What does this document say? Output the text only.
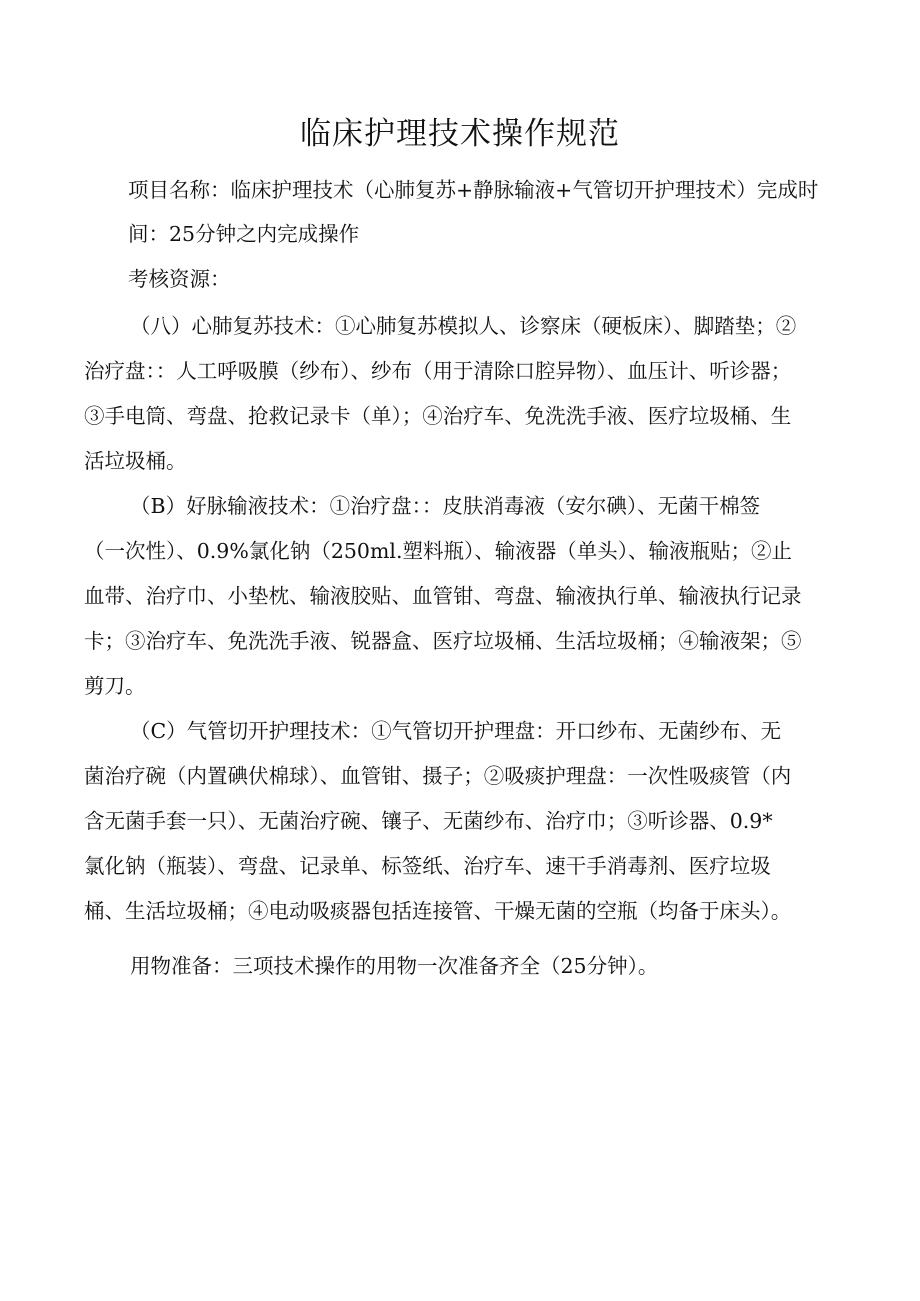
临床护理技术操作规范

项目名称：临床护理技术（心肺复苏+静脉输液+气管切开护理技术）完成时

间：25分钟之内完成操作

考核资源：

（八）心肺复苏技术：①心肺复苏模拟人、诊察床（硬板床）、脚踏垫；②

治疗盘：：人工呼吸膜（纱布）、纱布（用于清除口腔异物）、血压计、听诊器；

③手电筒、弯盘、抢救记录卡（单）；④治疗车、免洗洗手液、医疗垃圾桶、生

活垃圾桶。

（B）好脉输液技术：①治疗盘：：皮肤消毒液（安尔碘）、无菌干棉签

（一次性）、0.9%氯化钠（250ml.塑料瓶）、输液器（单头）、输液瓶贴；②止

血带、治疗巾、小垫枕、输液胶贴、血管钳、弯盘、输液执行单、输液执行记录

卡；③治疗车、免洗洗手液、锐器盒、医疗垃圾桶、生活垃圾桶；④输液架；⑤

剪刀。

（C）气管切开护理技术：①气管切开护理盘：开口纱布、无菌纱布、无

菌治疗碗（内置碘伏棉球）、血管钳、摄子；②吸痰护理盘：一次性吸痰管（内

含无菌手套一只）、无菌治疗碗、镶子、无菌纱布、治疗巾；③听诊器、0.9*

氯化钠（瓶装）、弯盘、记录单、标签纸、治疗车、速干手消毒剂、医疗垃圾

桶、生活垃圾桶；④电动吸痰器包括连接管、干燥无菌的空瓶（均备于床头）。

用物准备：三项技术操作的用物一次准备齐全（25分钟）。
